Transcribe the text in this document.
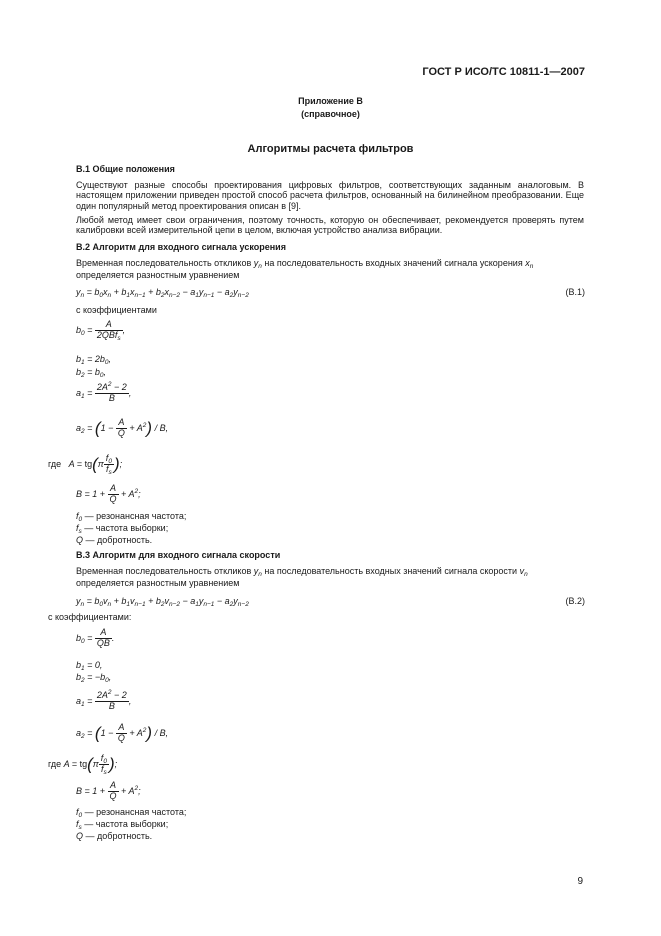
ГОСТ Р ИСО/ТС 10811-1—2007
Приложение В
(справочное)
Алгоритмы расчета фильтров
В.1 Общие положения
Существуют разные способы проектирования цифровых фильтров, соответствующих заданным аналоговым. В настоящем приложении приведен простой способ расчета фильтров, основанный на билинейном преобразовании. Еще один популярный метод проектирования описан в [9].
Любой метод имеет свои ограничения, поэтому точность, которую он обеспечивает, рекомендуется проверять путем калибровки всей измерительной цепи в целом, включая устройство анализа вибрации.
В.2 Алгоритм для входного сигнала ускорения
Временная последовательность откликов $y_n$ на последовательность входных значений сигнала ускорения $x_n$
определяется разностным уравнением
$y_n = b_0x_n + b_1x_{n-1} + b_2x_{n-2} - a_1y_{n-1} - a_2y_{n-2}$	(В.1)
с коэффициентами
$b_0 = \frac{A}{2QBf_s}$ ,
$b_1 = 2b_0$,
$b_2 = b_0$,
$a_1 = \frac{2A^2 - 2}{B}$ ,
$a_2 = (1 - \frac{A}{Q} + A^2) / B$,
где   $A = tg(\pi \frac{f_0}{f_s}$ );
$B = 1 + \frac{A}{Q} + A^2$;
$f_0$ — резонансная частота;
$f_s$ — частота выборки;
Q — добротность.
В.3 Алгоритм для входного сигнала скорости
Временная последовательность откликов $y_n$ на последовательность входных значений сигнала скорости $v_n$
определяется разностным уравнением
$y_n = b_0v_n + b_1v_{n-1} + b_2v_{n-2} - a_1y_{n-1} - a_2y_{n-2}$	(В.2)
с коэффициентами:
$b_0 = \frac{A}{QB}$ .
$b_1 = 0$,
$b_2 = -b_0$,
$a_1 = \frac{2A^2 - 2}{B}$ ,
$a_2 = (1 - \frac{A}{Q} + A^2) / B$,
где $A = tg(\pi \frac{f_0}{f_s}$ );
$B = 1 + \frac{A}{Q} + A^2$;
$f_0$ — резонансная частота;
$f_s$ — частота выборки;
Q — добротность.
9
